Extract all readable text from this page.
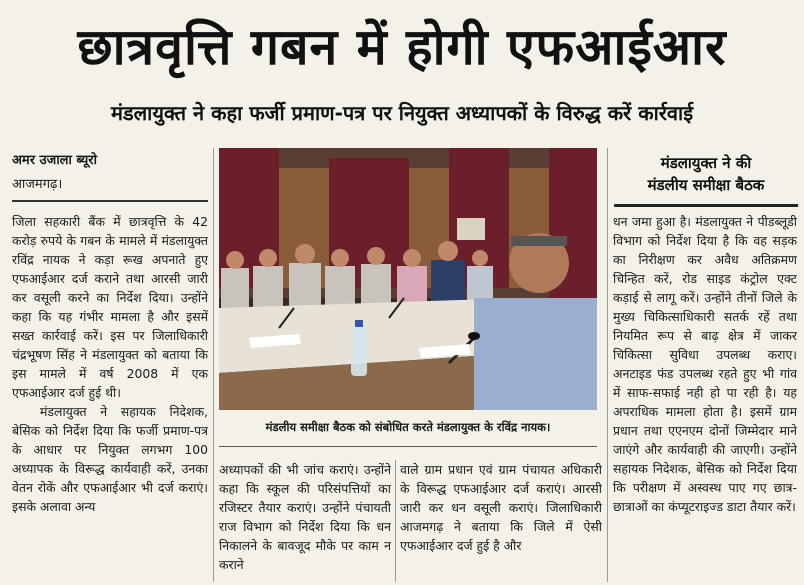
छात्रवृत्ति गबन में होगी एफआईआर
मंडलायुक्त ने कहा फर्जी प्रमाण-पत्र पर नियुक्त अध्यापकों के विरुद्ध करें कार्रवाई
अमर उजाला ब्यूरो
आजमगढ़।

जिला सहकारी बैंक में छात्रवृत्ति के 42 करोड़ रुपये के गबन के मामले में मंडलायुक्त रविंद्र नायक ने कड़ा रूख अपनाते हुए एफआईआर दर्ज कराने तथा आरसी जारी कर वसूली करने का निर्देश दिया। उन्होंने कहा कि यह गंभीर मामला है और इसमें सख्त कार्रवाई करें। इस पर जिलाधिकारी चंद्रभूषण सिंह ने मंडलायुक्त को बताया कि इस मामले में वर्ष 2008 में एक एफआईआर दर्ज हुई थी।

मंडलायुक्त ने सहायक निदेशक, बेसिक को निर्देश दिया कि फर्जी प्रमाण-पत्र के आधार पर नियुक्त लगभग 100 अध्यापक के विरूद्ध कार्यवाही करें, उनका वेतन रोकें और एफआईआर भी दर्ज कराएं। इसके अलावा अन्य

मंडलीय समीक्षा बैठक को संबोधित करते मंडलायुक्त के रविंद्र नायक।

अध्यापकों की भी जांच कराएं। उन्होंने कहा कि स्कूल की परिसंपत्तियों का रजिस्टर तैयार कराएं। उन्होंने पंचायती राज विभाग को निर्देश दिया कि धन निकालने के बावजूद मौके पर काम न कराने

वाले ग्राम प्रधान एवं ग्राम पंचायत अधिकारी के विरूद्ध एफआईआर दर्ज कराएं। आरसी जारी कर धन वसूली कराएं। जिलाधिकारी आजमगढ़ ने बताया कि जिले में ऐसी एफआईआर दर्ज हुई है और

मंडलायुक्त ने की
मंडलीय समीक्षा बैठक

धन जमा हुआ है। मंडलायुक्त ने पीडब्लूडी विभाग को निर्देश दिया है कि वह सड़क का निरीक्षण कर अवैध अतिक्रमण चिन्हित करें, रोड साइड कंट्रोल एक्ट कड़ाई से लागू करें। उन्होंने तीनों जिले के मुख्य चिकित्साधिकारी सतर्क रहें तथा नियमित रूप से बाढ़ क्षेत्र में जाकर चिकित्सा सुविधा उपलब्ध कराए। अनटाइड फंड उपलब्ध रहते हुए भी गांव में साफ-सफाई नही हो पा रही है। यह अपराधिक मामला होता है। इसमें ग्राम प्रधान तथा एएनएम दोनों जिम्मेदार माने जाएंगे और कार्यवाही की जाएगी। उन्होंने सहायक निदेशक, बेसिक को निर्देश दिया कि परीक्षण में अस्वस्थ पाए गए छात्र-छात्राओं का कंप्यूटराइज्ड डाटा तैयार करें।
